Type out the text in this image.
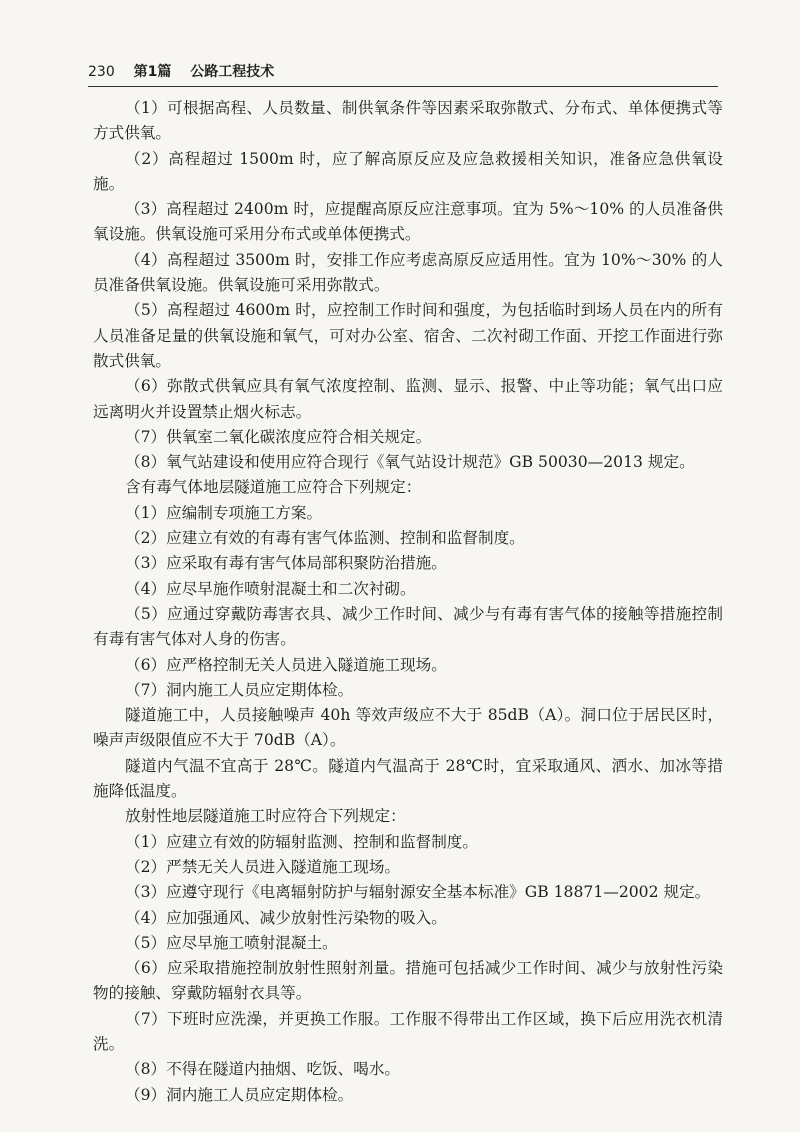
230 第1篇 公路工程技术

（1）可根据高程、人员数量、制供氧条件等因素采取弥散式、分布式、单体便携式等方式供氧。

（2）高程超过 1500m 时，应了解高原反应及应急救援相关知识，准备应急供氧设施。

（3）高程超过 2400m 时，应提醒高原反应注意事项。宜为 5%～10% 的人员准备供氧设施。供氧设施可采用分布式或单体便携式。

（4）高程超过 3500m 时，安排工作应考虑高原反应适用性。宜为 10%～30% 的人员准备供氧设施。供氧设施可采用弥散式。

（5）高程超过 4600m 时，应控制工作时间和强度，为包括临时到场人员在内的所有人员准备足量的供氧设施和氧气，可对办公室、宿舍、二次衬砌工作面、开挖工作面进行弥散式供氧。

（6）弥散式供氧应具有氧气浓度控制、监测、显示、报警、中止等功能；氧气出口应远离明火并设置禁止烟火标志。

（7）供氧室二氧化碳浓度应符合相关规定。

（8）氧气站建设和使用应符合现行《氧气站设计规范》GB 50030—2013 规定。

含有毒气体地层隧道施工应符合下列规定：

（1）应编制专项施工方案。

（2）应建立有效的有毒有害气体监测、控制和监督制度。

（3）应采取有毒有害气体局部积聚防治措施。

（4）应尽早施作喷射混凝土和二次衬砌。

（5）应通过穿戴防毒害衣具、减少工作时间、减少与有毒有害气体的接触等措施控制有毒有害气体对人身的伤害。

（6）应严格控制无关人员进入隧道施工现场。

（7）洞内施工人员应定期体检。

隧道施工中，人员接触噪声 40h 等效声级应不大于 85dB（A）。洞口位于居民区时，噪声声级限值应不大于 70dB（A）。

隧道内气温不宜高于 28℃。隧道内气温高于 28℃时，宜采取通风、洒水、加冰等措施降低温度。

放射性地层隧道施工时应符合下列规定：

（1）应建立有效的防辐射监测、控制和监督制度。

（2）严禁无关人员进入隧道施工现场。

（3）应遵守现行《电离辐射防护与辐射源安全基本标准》GB 18871—2002 规定。

（4）应加强通风、减少放射性污染物的吸入。

（5）应尽早施工喷射混凝土。

（6）应采取措施控制放射性照射剂量。措施可包括减少工作时间、减少与放射性污染物的接触、穿戴防辐射衣具等。

（7）下班时应洗澡，并更换工作服。工作服不得带出工作区域，换下后应用洗衣机清洗。

（8）不得在隧道内抽烟、吃饭、喝水。

（9）洞内施工人员应定期体检。
